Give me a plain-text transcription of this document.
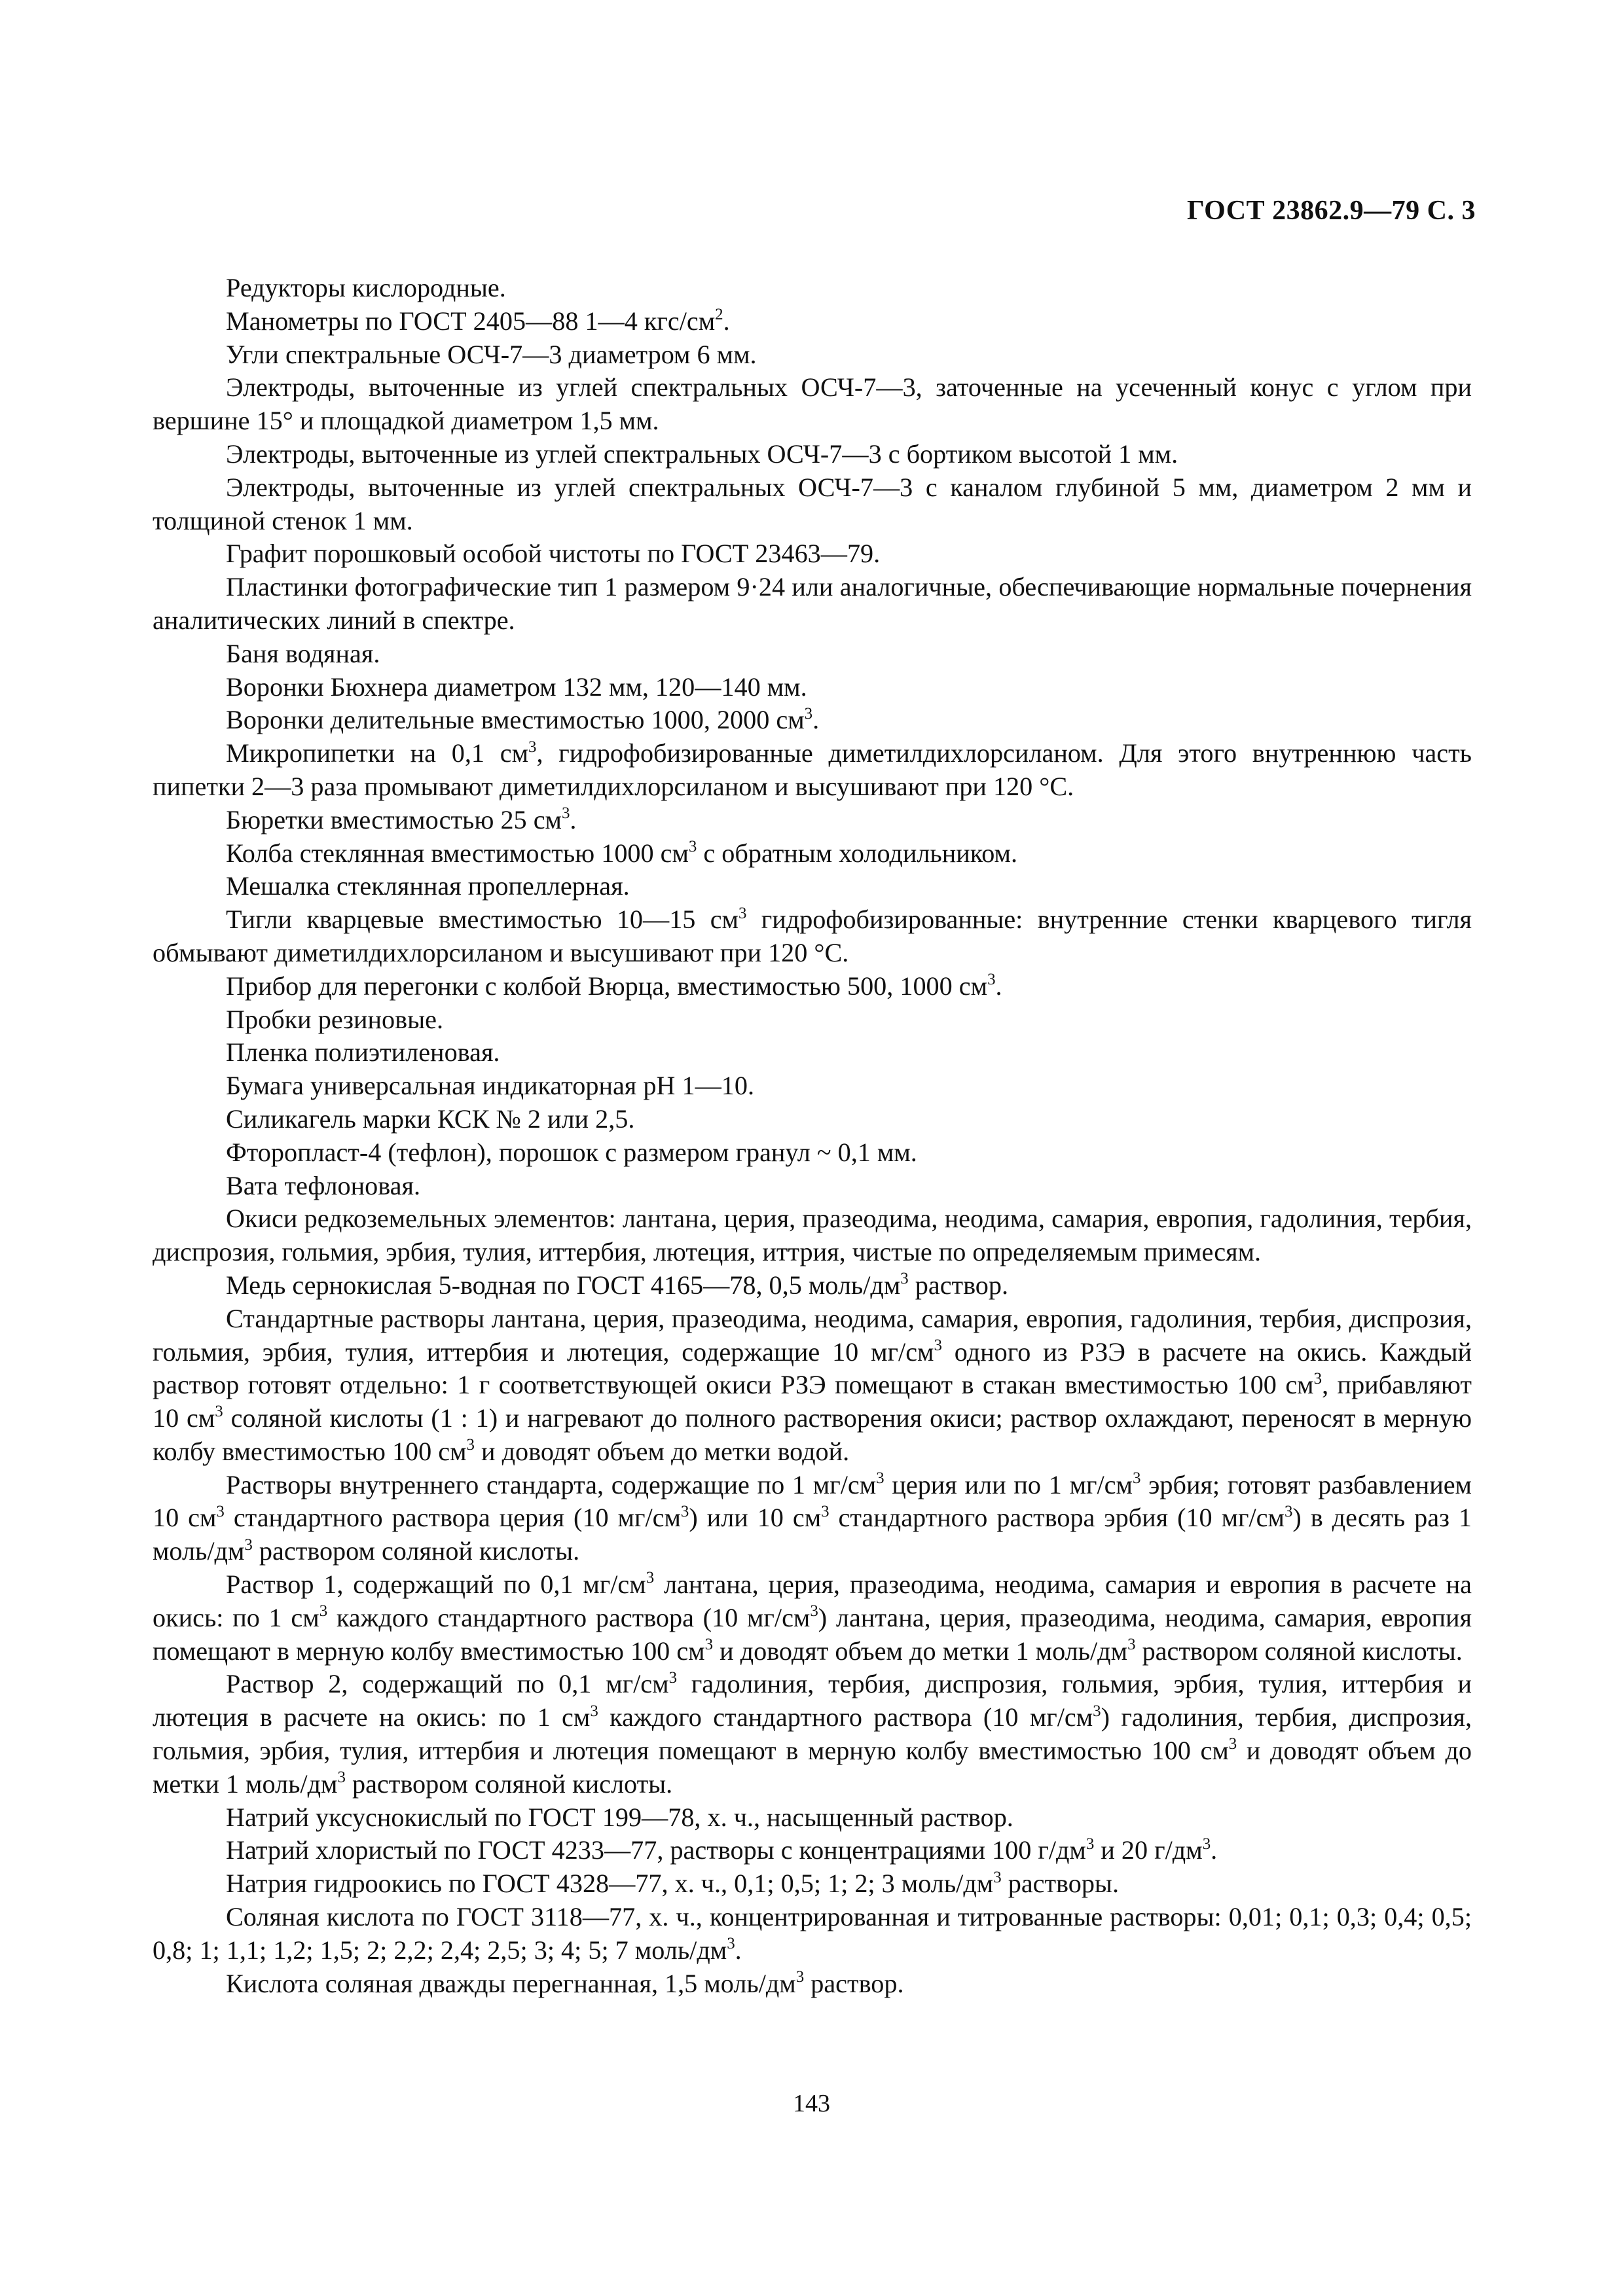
ГОСТ 23862.9—79 С. 3

Редукторы кислородные.

Манометры по ГОСТ 2405—88 1—4 кгс/$см^2$.

Угли спектральные ОСЧ-7—3 диаметром 6 мм.

Электроды, выточенные из углей спектральных ОСЧ-7—3, заточенные на усеченный конус с углом при вершине 15° и площадкой диаметром 1,5 мм.

Электроды, выточенные из углей спектральных ОСЧ-7—3 с бортиком высотой 1 мм.

Электроды, выточенные из углей спектральных ОСЧ-7—3 с каналом глубиной 5 мм, диаметром 2 мм и толщиной стенок 1 мм.

Графит порошковый особой чистоты по ГОСТ 23463—79.

Пластинки фотографические тип 1 размером 9·24 или аналогичные, обеспечивающие нормальные почернения аналитических линий в спектре.

Баня водяная.

Воронки Бюхнера диаметром 132 мм, 120—140 мм.

Воронки делительные вместимостью 1000, 2000 $см^3$.

Микропипетки на 0,1 $см^3$, гидрофобизированные диметилдихлорсиланом. Для этого внутреннюю часть пипетки 2—3 раза промывают диметилдихлорсиланом и высушивают при 120 °С.

Бюретки вместимостью 25 $см^3$.

Колба стеклянная вместимостью 1000 $см^3$ с обратным холодильником.

Мешалка стеклянная пропеллерная.

Тигли кварцевые вместимостью 10—15 $см^3$ гидрофобизированные: внутренние стенки кварцевого тигля обмывают диметилдихлорсиланом и высушивают при 120 °С.

Прибор для перегонки с колбой Вюрца, вместимостью 500, 1000 $см^3$.

Пробки резиновые.

Пленка полиэтиленовая.

Бумага универсальная индикаторная pH 1—10.

Силикагель марки КСК № 2 или 2,5.

Фторопласт-4 (тефлон), порошок с размером гранул ~ 0,1 мм.

Вата тефлоновая.

Окиси редкоземельных элементов: лантана, церия, празеодима, неодима, самария, европия, гадолиния, тербия, диспрозия, гольмия, эрбия, тулия, иттербия, лютеция, иттрия, чистые по определяемым примесям.

Медь сернокислая 5-водная по ГОСТ 4165—78, 0,5 моль/$дм^3$ раствор.

Стандартные растворы лантана, церия, празеодима, неодима, самария, европия, гадолиния, тербия, диспрозия, гольмия, эрбия, тулия, иттербия и лютеция, содержащие 10 $мг/см^3$ одного из РЗЭ в расчете на окись. Каждый раствор готовят отдельно: 1 г соответствующей окиси РЗЭ помещают в стакан вместимостью 100 $см^3$, прибавляют 10 $см^3$ соляной кислоты (1 : 1) и нагревают до полного растворения окиси; раствор охлаждают, переносят в мерную колбу вместимостью 100 $см^3$ и доводят объем до метки водой.

Растворы внутреннего стандарта, содержащие по 1 $мг/см^3$ церия или по 1 $мг/см^3$ эрбия; готовят разбавлением 10 $см^3$ стандартного раствора церия (10 $мг/см^3$) или 10 $см^3$ стандартного раствора эрбия (10 $мг/см^3$) в десять раз 1 моль/$дм^3$ раствором соляной кислоты.

Раствор 1, содержащий по 0,1 $мг/см^3$ лантана, церия, празеодима, неодима, самария и европия в расчете на окись: по 1 $см^3$ каждого стандартного раствора (10 $мг/см^3$) лантана, церия, празеодима, неодима, самария, европия помещают в мерную колбу вместимостью 100 $см^3$ и доводят объем до метки 1 моль/$дм^3$ раствором соляной кислоты.

Раствор 2, содержащий по 0,1 $мг/см^3$ гадолиния, тербия, диспрозия, гольмия, эрбия, тулия, иттербия и лютеция в расчете на окись: по 1 $см^3$ каждого стандартного раствора (10 $мг/см^3$) гадолиния, тербия, диспрозия, гольмия, эрбия, тулия, иттербия и лютеция помещают в мерную колбу вместимостью 100 $см^3$ и доводят объем до метки 1 моль/$дм^3$ раствором соляной кислоты.

Натрий уксуснокислый по ГОСТ 199—78, х. ч., насыщенный раствор.

Натрий хлористый по ГОСТ 4233—77, растворы с концентрациями 100 $г/дм^3$ и 20 $г/дм^3$.

Натрия гидроокись по ГОСТ 4328—77, х. ч., 0,1; 0,5; 1; 2; 3 моль/$дм^3$ растворы.

Соляная кислота по ГОСТ 3118—77, х. ч., концентрированная и титрованные растворы: 0,01; 0,1; 0,3; 0,4; 0,5; 0,8; 1; 1,1; 1,2; 1,5; 2; 2,2; 2,4; 2,5; 3; 4; 5; 7 моль/$дм^3$.

Кислота соляная дважды перегнанная, 1,5 моль/$дм^3$ раствор.

143
